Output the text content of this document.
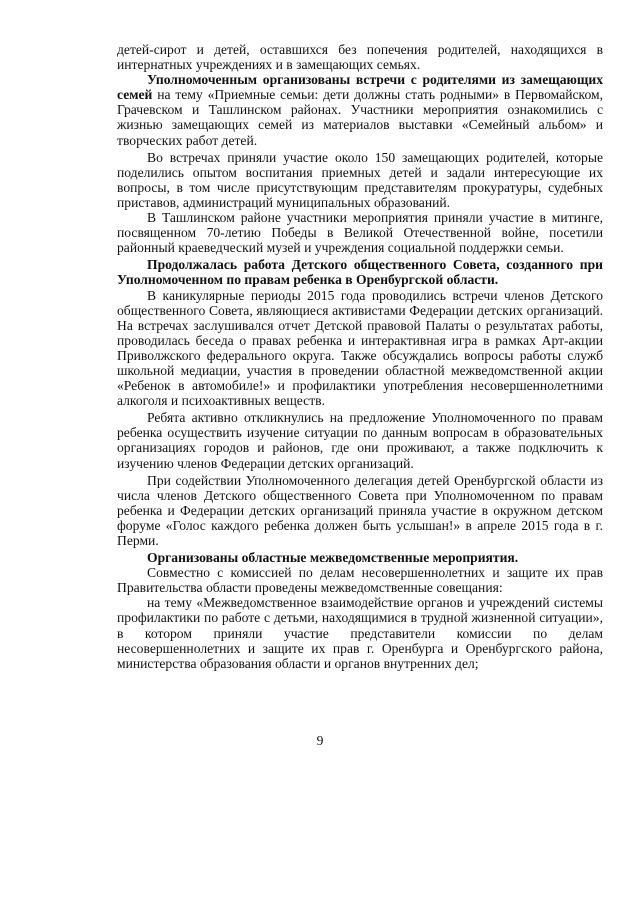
детей-сирот и детей, оставшихся без попечения родителей, находящихся в интернатных учреждениях и в замещающих семьях.

Уполномоченным организованы встречи с родителями из замещающих семей на тему «Приемные семьи: дети должны стать родными» в Первомайском, Грачевском и Ташлинском районах. Участники мероприятия ознакомились с жизнью замещающих семей из материалов выставки «Семейный альбом» и творческих работ детей.

Во встречах приняли участие около 150 замещающих родителей, которые поделились опытом воспитания приемных детей и задали интересующие их вопросы, в том числе присутствующим представителям прокуратуры, судебных приставов, администраций муниципальных образований.

В Ташлинском районе участники мероприятия приняли участие в митинге, посвященном 70-летию Победы в Великой Отечественной войне, посетили районный краеведческий музей и учреждения социальной поддержки семьи.

Продолжалась работа Детского общественного Совета, созданного при Уполномоченном по правам ребенка в Оренбургской области.

В каникулярные периоды 2015 года проводились встречи членов Детского общественного Совета, являющиеся активистами Федерации детских организаций. На встречах заслушивался отчет Детской правовой Палаты о результатах работы, проводилась беседа о правах ребенка и интерактивная игра в рамках Арт-акции Приволжского федерального округа. Также обсуждались вопросы работы служб школьной медиации, участия в проведении областной межведомственной акции «Ребенок в автомобиле!» и профилактики употребления несовершеннолетними алкоголя и психоактивных веществ.

Ребята активно откликнулись на предложение Уполномоченного по правам ребенка осуществить изучение ситуации по данным вопросам в образовательных организациях городов и районов, где они проживают, а также подключить к изучению членов Федерации детских организаций.

При содействии Уполномоченного делегация детей Оренбургской области из числа членов Детского общественного Совета при Уполномоченном по правам ребенка и Федерации детских организаций приняла участие в окружном детском форуме «Голос каждого ребенка должен быть услышан!» в апреле 2015 года в г. Перми.

Организованы областные межведомственные мероприятия.

Совместно с комиссией по делам несовершеннолетних и защите их прав Правительства области проведены межведомственные совещания:

на тему «Межведомственное взаимодействие органов и учреждений системы профилактики по работе с детьми, находящимися в трудной жизненной ситуации», в котором приняли участие представители комиссии по делам несовершеннолетних и защите их прав г. Оренбурга и Оренбургского района, министерства образования области и органов внутренних дел;

9
